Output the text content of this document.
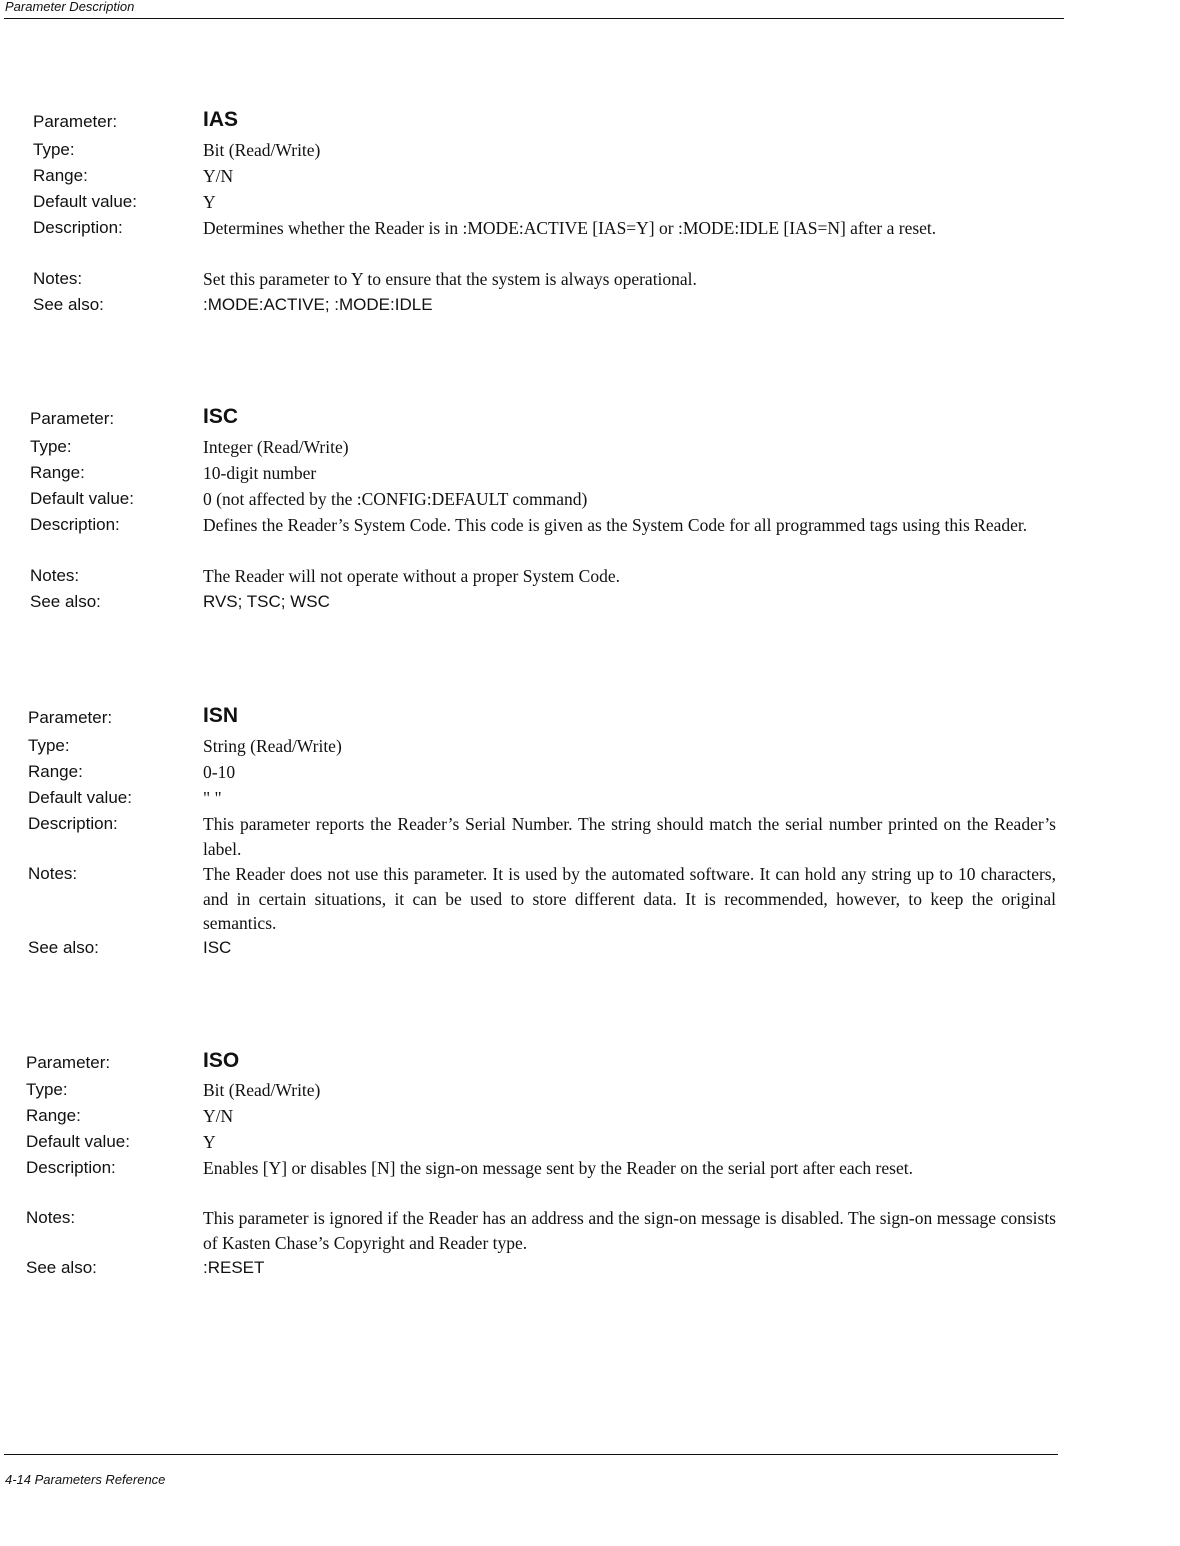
Parameter Description
Parameter:	IAS
Type:	Bit (Read/Write)
Range:	Y/N
Default value:	Y
Description:	Determines whether the Reader is in :MODE:ACTIVE [IAS=Y] or :MODE:IDLE [IAS=N] after a reset.
Notes:	Set this parameter to Y to ensure that the system is always operational.
See also:	:MODE:ACTIVE; :MODE:IDLE
Parameter:	ISC
Type:	Integer (Read/Write)
Range:	10-digit number
Default value:	0 (not affected by the :CONFIG:DEFAULT command)
Description:	Defines the Reader’s System Code. This code is given as the System Code for all programmed tags using this Reader.
Notes:	The Reader will not operate without a proper System Code.
See also:	RVS; TSC; WSC
Parameter:	ISN
Type:	String (Read/Write)
Range:	0-10
Default value:	" "
Description:	This parameter reports the Reader’s Serial Number. The string should match the serial number printed on the Reader’s label.
Notes:	The Reader does not use this parameter. It is used by the automated software. It can hold any string up to 10 characters, and in certain situations, it can be used to store different data. It is recommended, however, to keep the original semantics.
See also:	ISC
Parameter:	ISO
Type:	Bit (Read/Write)
Range:	Y/N
Default value:	Y
Description:	Enables [Y] or disables [N] the sign-on message sent by the Reader on the serial port after each reset.
Notes:	This parameter is ignored if the Reader has an address and the sign-on message is disabled. The sign-on message consists of Kasten Chase’s Copyright and Reader type.
See also:	:RESET
4-14 Parameters Reference
